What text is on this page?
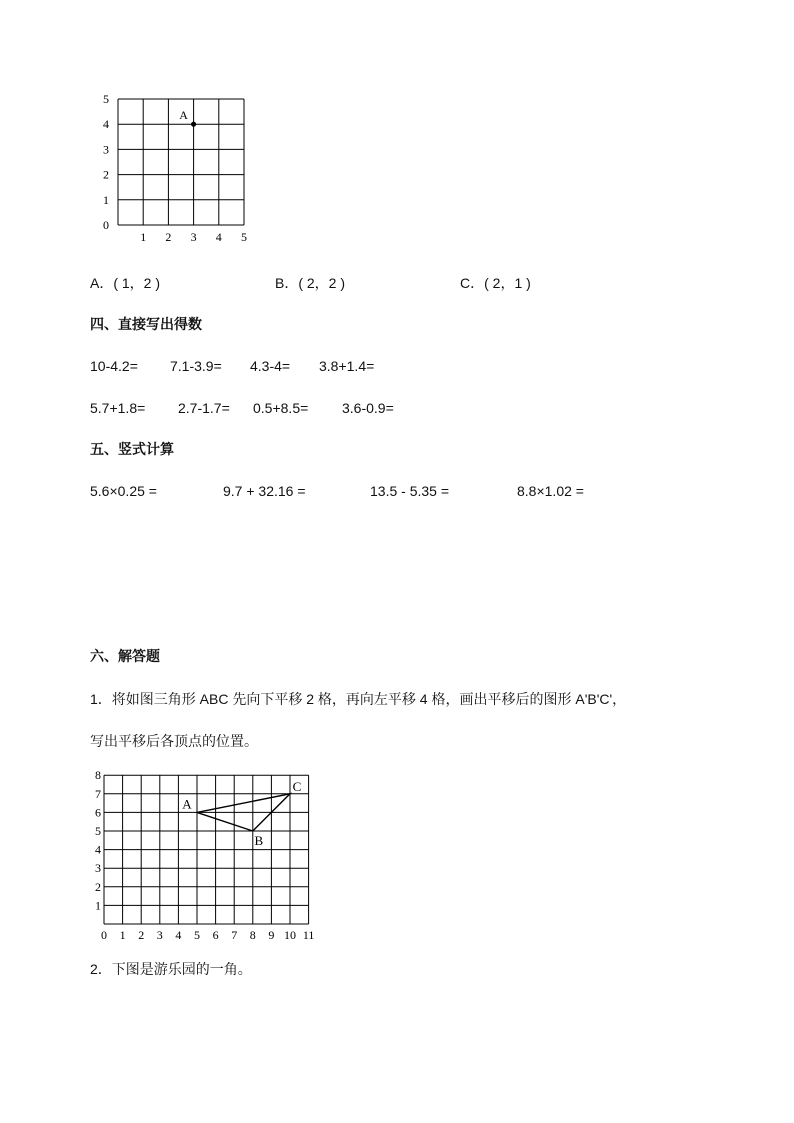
1 2 3 4 5
0
1
2
3
4
5
A
A．( 1，2 )	B．( 2，2 )	C．( 2，1 )
四、直接写出得数
10-4.2= 7.1-3.9= 4.3-4= 3.8+1.4=
5.7+1.8= 2.7-1.7= 0.5+8.5= 3.6-0.9=
五、竖式计算
5.6×0.25 =	9.7 + 32.16 =	13.5 - 5.35 =	8.8×1.02 =
六、解答题
1．将如图三角形 ABC 先向下平移 2 格，再向左平移 4 格，画出平移后的图形 A'B'C'，
写出平移后各顶点的位置。
0 1 2 3 4 5 6 7 8 9 10 11
1
2
3
4
5
6
7
8
A
B
C
2．下图是游乐园的一角。
